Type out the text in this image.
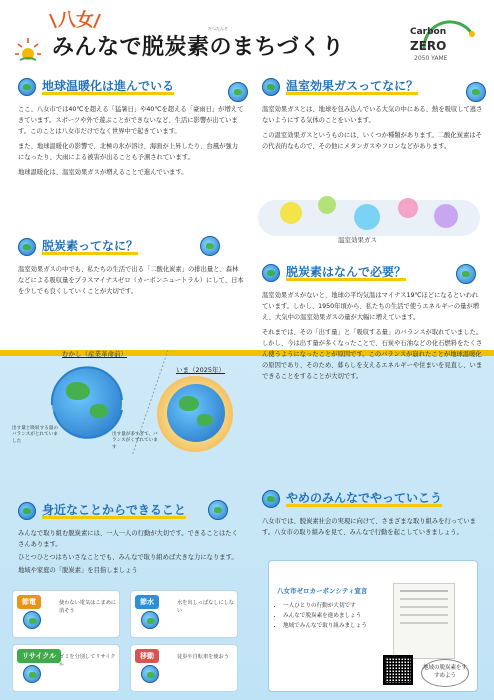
八女	だつたんそ
みんなで脱炭素のまちづくり
Carbon
ZERO
2050 YAME
地球温暖化は進んでいる

ここ、八女市では40℃を超える「猛暑日」や40℃を超える「豪雨日」が増えてきています。スポーツや外で遊ぶことができないなど、生活に影響が出ています。このことは八女市だけでなく世界中で起きています。

また、地球温暖化の影響で、北極の氷が溶け、海面が上昇したり、台風が強力になったり、大雨による被害が出ることも予測されています。

地球温暖化は、温室効果ガスが増えることで進んでいます。

温室効果ガスってなに？

温室効果ガスとは、地球を包み込んでいる大気の中にある、熱を吸収して逃さないようにする気体のことをいいます。

この温室効果ガスというものには、いくつか種類があります。二酸化炭素はその代表的なもので、その他にメタンガスやフロンなどがあります。

温室効果ガス
脱炭素ってなに？

温室効果ガスの中でも、私たちの生活で出る「二酸化炭素」の排出量と、森林などによる吸収量をプラスマイナスゼロ（カーボンニュートラル）にして、日本を少しでも良くしていくことが大切です。

むかし（産業革命前）
出す量と吸収する量のバランスがとれていました
いま（2025年）
出す量が多すぎて、バランスがくずれています
脱炭素はなんで必要？

温室効果ガスがないと、地球の平均気温はマイナス19℃ほどになるといわれています。しかし、1950年頃から、私たちの生活で使うエネルギーの量が増え、大気中の温室効果ガスの量が大幅に増えています。

それまでは、その「出す量」と「吸収する量」のバランスが取れていました。しかし、今は出す量が多くなったことで、石炭や石油などの化石燃料をたくさん使うようになったことが原因です。このバランスが崩れたことが地球温暖化の原因であり、そのため、暮らしを支えるエネルギーや住まいを見直し、いまできることをすることが大切です。

身近なことからできること

みんなで取り組む脱炭素には、一人一人の行動が大切です。できることはたくさんあります。

ひとつひとつはちいさなことでも、みんなで取り組めば大きな力になります。

地域や家庭の「脱炭素」を目指しましょう

節電	使わない電気はこまめに消そう
節水	水を出しっぱなしにしない
リサイクル ゴミを分別してリサイクル
移動	徒歩や自転車を使おう
やめのみんなでやっていこう

八女市では、脱炭素社会の実現に向けて、さまざまな取り組みを行っています。八女市の取り組みを見て、みんなで行動を起こしていきましょう。

八女市ゼロカーボンシティ宣言
• 一人ひとりの行動が大切です
• みんなで脱炭素を進めましょう
• 地域でみんなで取り組みましょう
地域の脱炭素をすすめよう
